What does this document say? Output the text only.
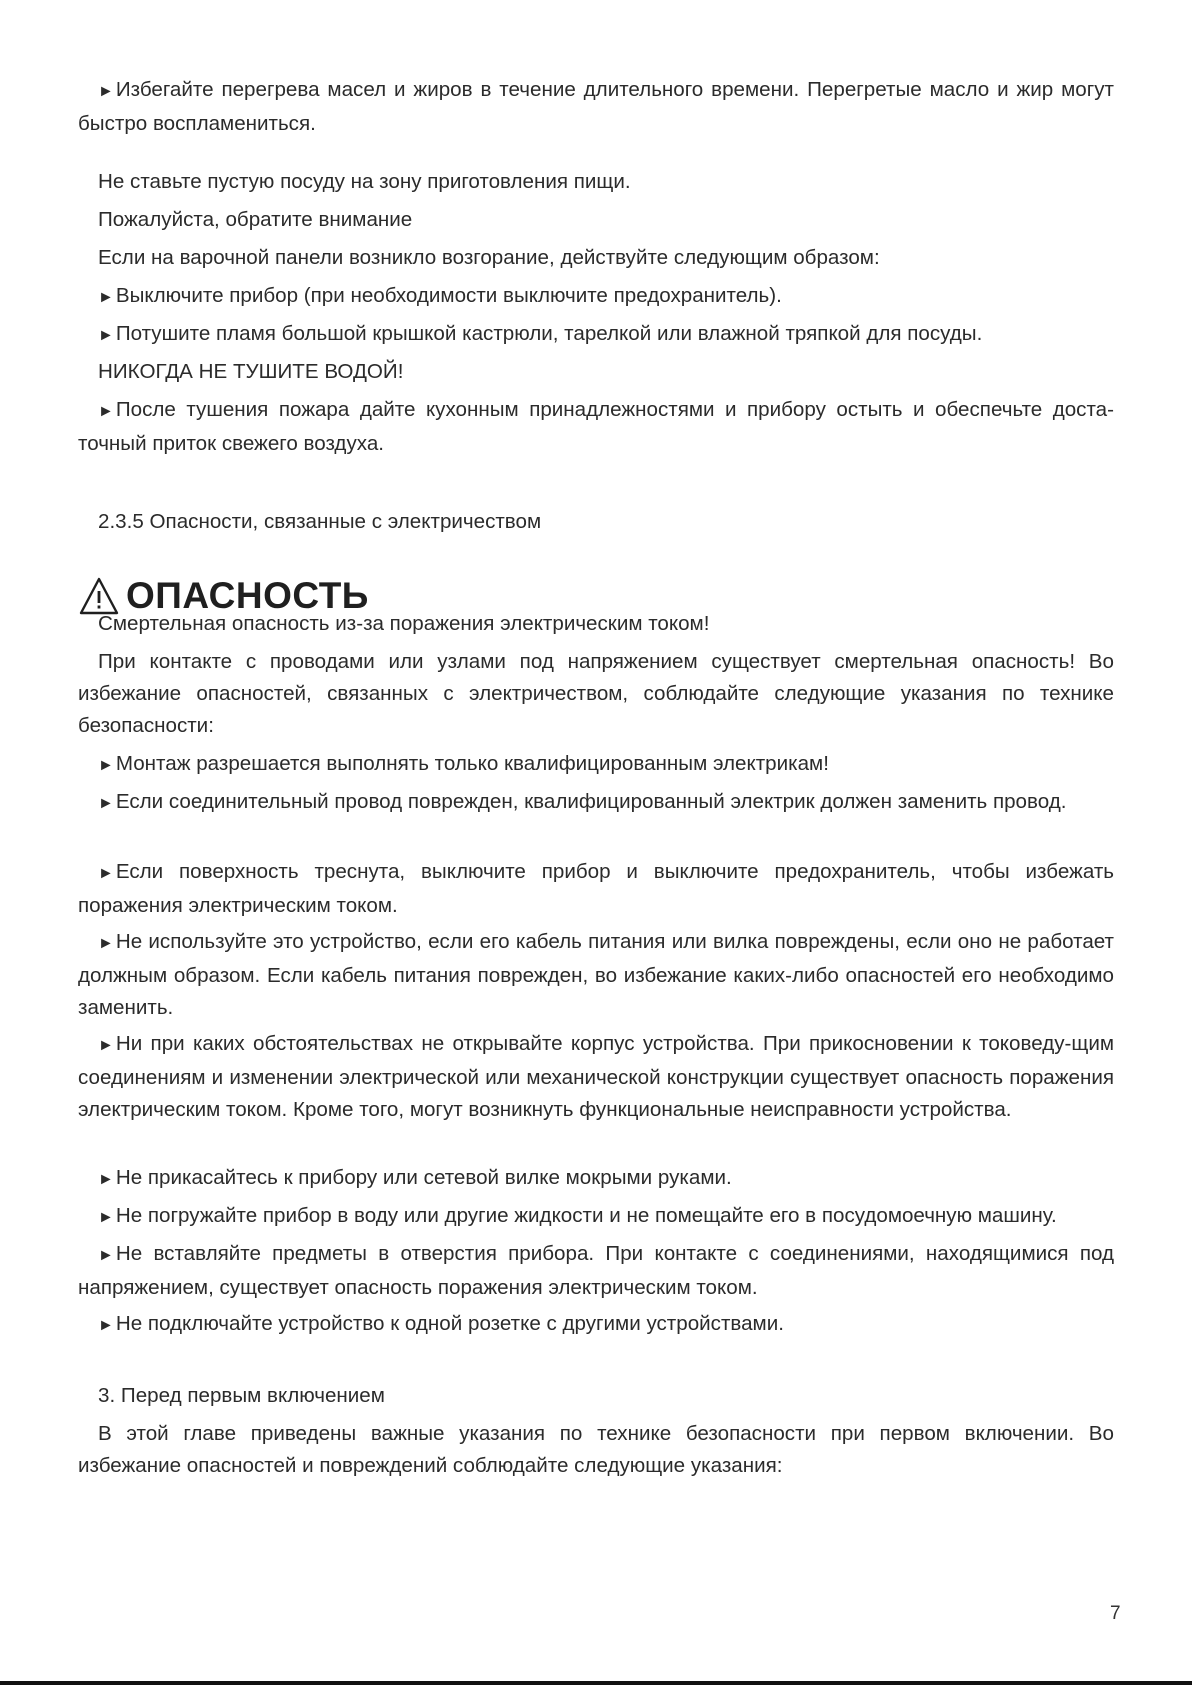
►Избегайте перегрева масел и жиров в течение длительного времени. Перегретые масло и жир могут быстро воспламениться.

Не ставьте пустую посуду на зону приготовления пищи.

Пожалуйста, обратите внимание

Если на варочной панели возникло возгорание, действуйте следующим образом:

►Выключите прибор (при необходимости выключите предохранитель).

►Потушите пламя большой крышкой кастрюли, тарелкой или влажной тряпкой для посуды.

НИКОГДА НЕ ТУШИТЕ ВОДОЙ!

►После тушения пожара дайте кухонным принадлежностями и прибору остыть и обеспечьте доста-точный приток свежего воздуха.

2.3.5 Опасности, связанные с электричеством

Смертельная опасность из-за поражения электрическим током!

При контакте с проводами или узлами под напряжением существует смертельная опасность! Во избежание опасностей, связанных с электричеством, соблюдайте следующие указания по технике безопасности:

►Монтаж разрешается выполнять только квалифицированным электрикам!

►Если соединительный провод поврежден, квалифицированный электрик должен заменить провод.

►Если поверхность треснута, выключите прибор и выключите предохранитель, чтобы избежать поражения электрическим током.

►Не используйте это устройство, если его кабель питания или вилка повреждены, если оно не работает должным образом. Если кабель питания поврежден, во избежание каких-либо опасностей его необходимо заменить.

►Ни при каких обстоятельствах не открывайте корпус устройства. При прикосновении к токоведу-щим соединениям и изменении электрической или механической конструкции существует опасность поражения электрическим током. Кроме того, могут возникнуть функциональные неисправности устройства.

►Не прикасайтесь к прибору или сетевой вилке мокрыми руками.

►Не погружайте прибор в воду или другие жидкости и не помещайте его в посудомоечную машину.

►Не вставляйте предметы в отверстия прибора. При контакте с соединениями, находящимися под напряжением, существует опасность поражения электрическим током.

►Не подключайте устройство к одной розетке с другими устройствами.

3. Перед первым включением

В этой главе приведены важные указания по технике безопасности при первом включении. Во избежание опасностей и повреждений соблюдайте следующие указания:

ОПАСНОСТЬ
7
